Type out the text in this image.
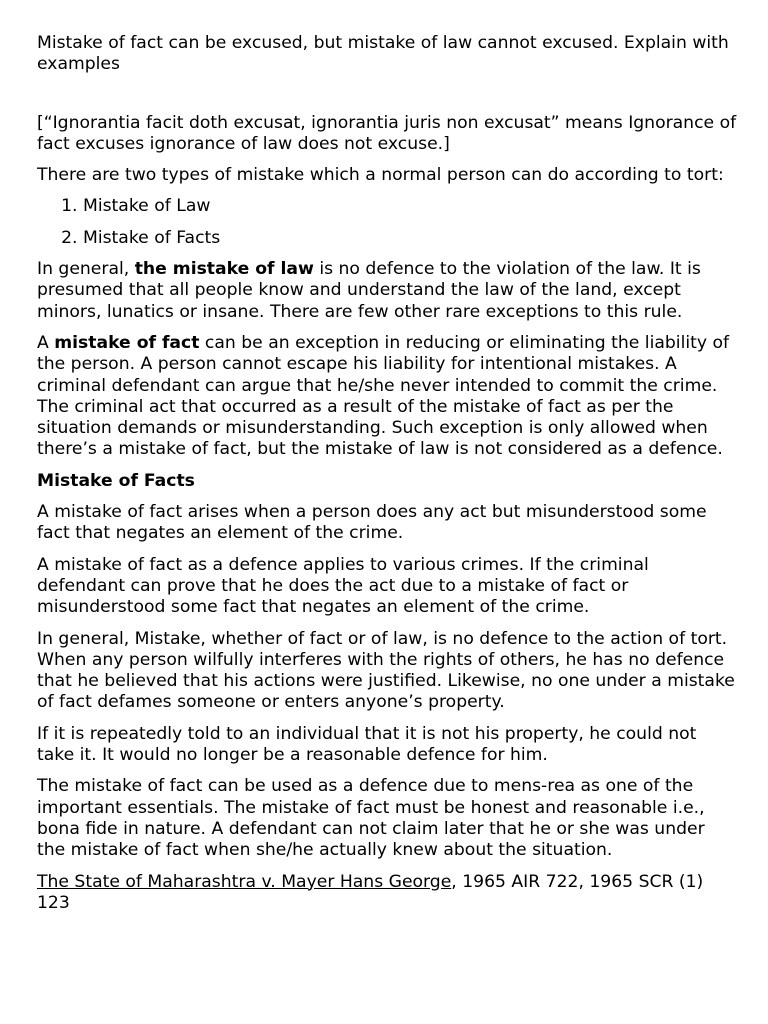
Mistake of fact can be excused, but mistake of law cannot excused. Explain with examples

[“Ignorantia facit doth excusat, ignorantia juris non excusat” means Ignorance of fact excuses ignorance of law does not excuse.]

There are two types of mistake which a normal person can do according to tort:

1. Mistake of Law
2. Mistake of Facts

In general, the mistake of law is no defence to the violation of the law. It is presumed that all people know and understand the law of the land, except minors, lunatics or insane. There are few other rare exceptions to this rule.

A mistake of fact can be an exception in reducing or eliminating the liability of the person. A person cannot escape his liability for intentional mistakes. A criminal defendant can argue that he/she never intended to commit the crime. The criminal act that occurred as a result of the mistake of fact as per the situation demands or misunderstanding. Such exception is only allowed when there’s a mistake of fact, but the mistake of law is not considered as a defence.

Mistake of Facts

A mistake of fact arises when a person does any act but misunderstood some fact that negates an element of the crime.

A mistake of fact as a defence applies to various crimes. If the criminal defendant can prove that he does the act due to a mistake of fact or misunderstood some fact that negates an element of the crime.

In general, Mistake, whether of fact or of law, is no defence to the action of tort. When any person wilfully interferes with the rights of others, he has no defence that he believed that his actions were justified. Likewise, no one under a mistake of fact defames someone or enters anyone’s property.

If it is repeatedly told to an individual that it is not his property, he could not take it. It would no longer be a reasonable defence for him.

The mistake of fact can be used as a defence due to mens-rea as one of the important essentials. The mistake of fact must be honest and reasonable i.e., bona fide in nature. A defendant can not claim later that he or she was under the mistake of fact when she/he actually knew about the situation.

The State of Maharashtra v. Mayer Hans George, 1965 AIR 722, 1965 SCR (1) 123
